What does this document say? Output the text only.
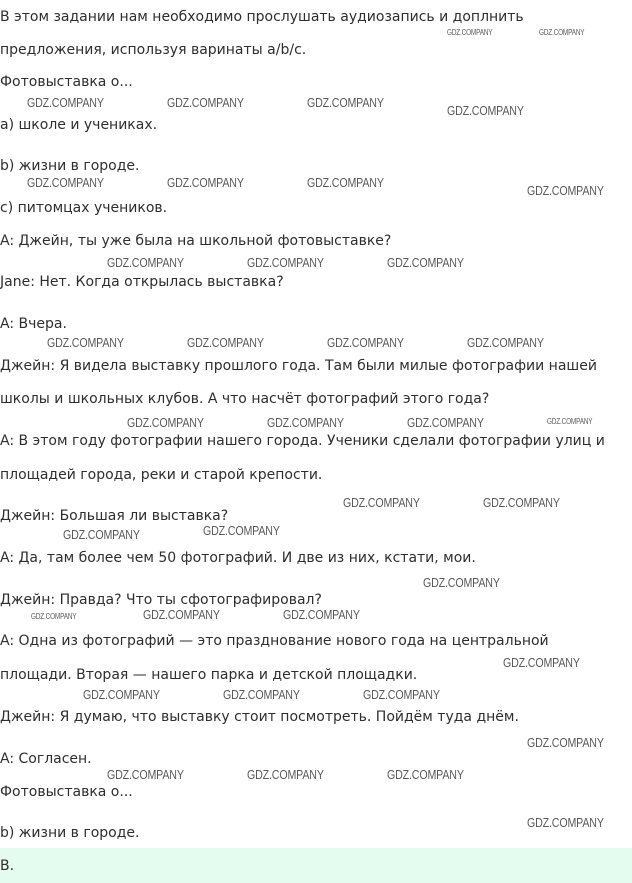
В этом задании нам необходимо прослушать аудиозапись и доплнить

предложения, используя варинаты a/b/c.

Фотовыставка о...

a) школе и учениках.

b) жизни в городе.

c) питомцах учеников.

A: Джейн, ты уже была на школьной фотовыставке?

Jane: Нет. Когда открылась выставка?

A: Вчера.

Джейн: Я видела выставку прошлого года. Там были милые фотографии нашей

школы и школьных клубов. А что насчёт фотографий этого года?

A: В этом году фотографии нашего города. Ученики сделали фотографии улиц и

площадей города, реки и старой крепости.

Джейн: Большая ли выставка?

A: Да, там более чем 50 фотографий. И две из них, кстати, мои.

Джейн: Правда? Что ты сфотографировал?

A: Одна из фотографий — это празднование нового года на центральной

площади. Вторая — нашего парка и детской площадки.

Джейн: Я думаю, что выставку стоит посмотреть. Пойдём туда днём.

A: Согласен.

Фотовыставка о...

b) жизни в городе.

B.

GDZ.COMPANY	GDZ.COMPANY
GDZ.COMPANY	GDZ.COMPANY	GDZ.COMPANY
GDZ.COMPANY
GDZ.COMPANY	GDZ.COMPANY	GDZ.COMPANY
GDZ.COMPANY
GDZ.COMPANY	GDZ.COMPANY	GDZ.COMPANY
GDZ.COMPANY	GDZ.COMPANY	GDZ.COMPANY	GDZ.COMPANY
GDZ.COMPANY	GDZ.COMPANY	GDZ.COMPANY	GDZ.COMPANY
GDZ.COMPANY	GDZ.COMPANY
GDZ.COMPANY	GDZ.COMPANY
GDZ.COMPANY
GDZ.COMPANY	GDZ.COMPANY	GDZ.COMPANY
GDZ.COMPANY
GDZ.COMPANY	GDZ.COMPANY	GDZ.COMPANY
GDZ.COMPANY
GDZ.COMPANY	GDZ.COMPANY	GDZ.COMPANY
GDZ.COMPANY
